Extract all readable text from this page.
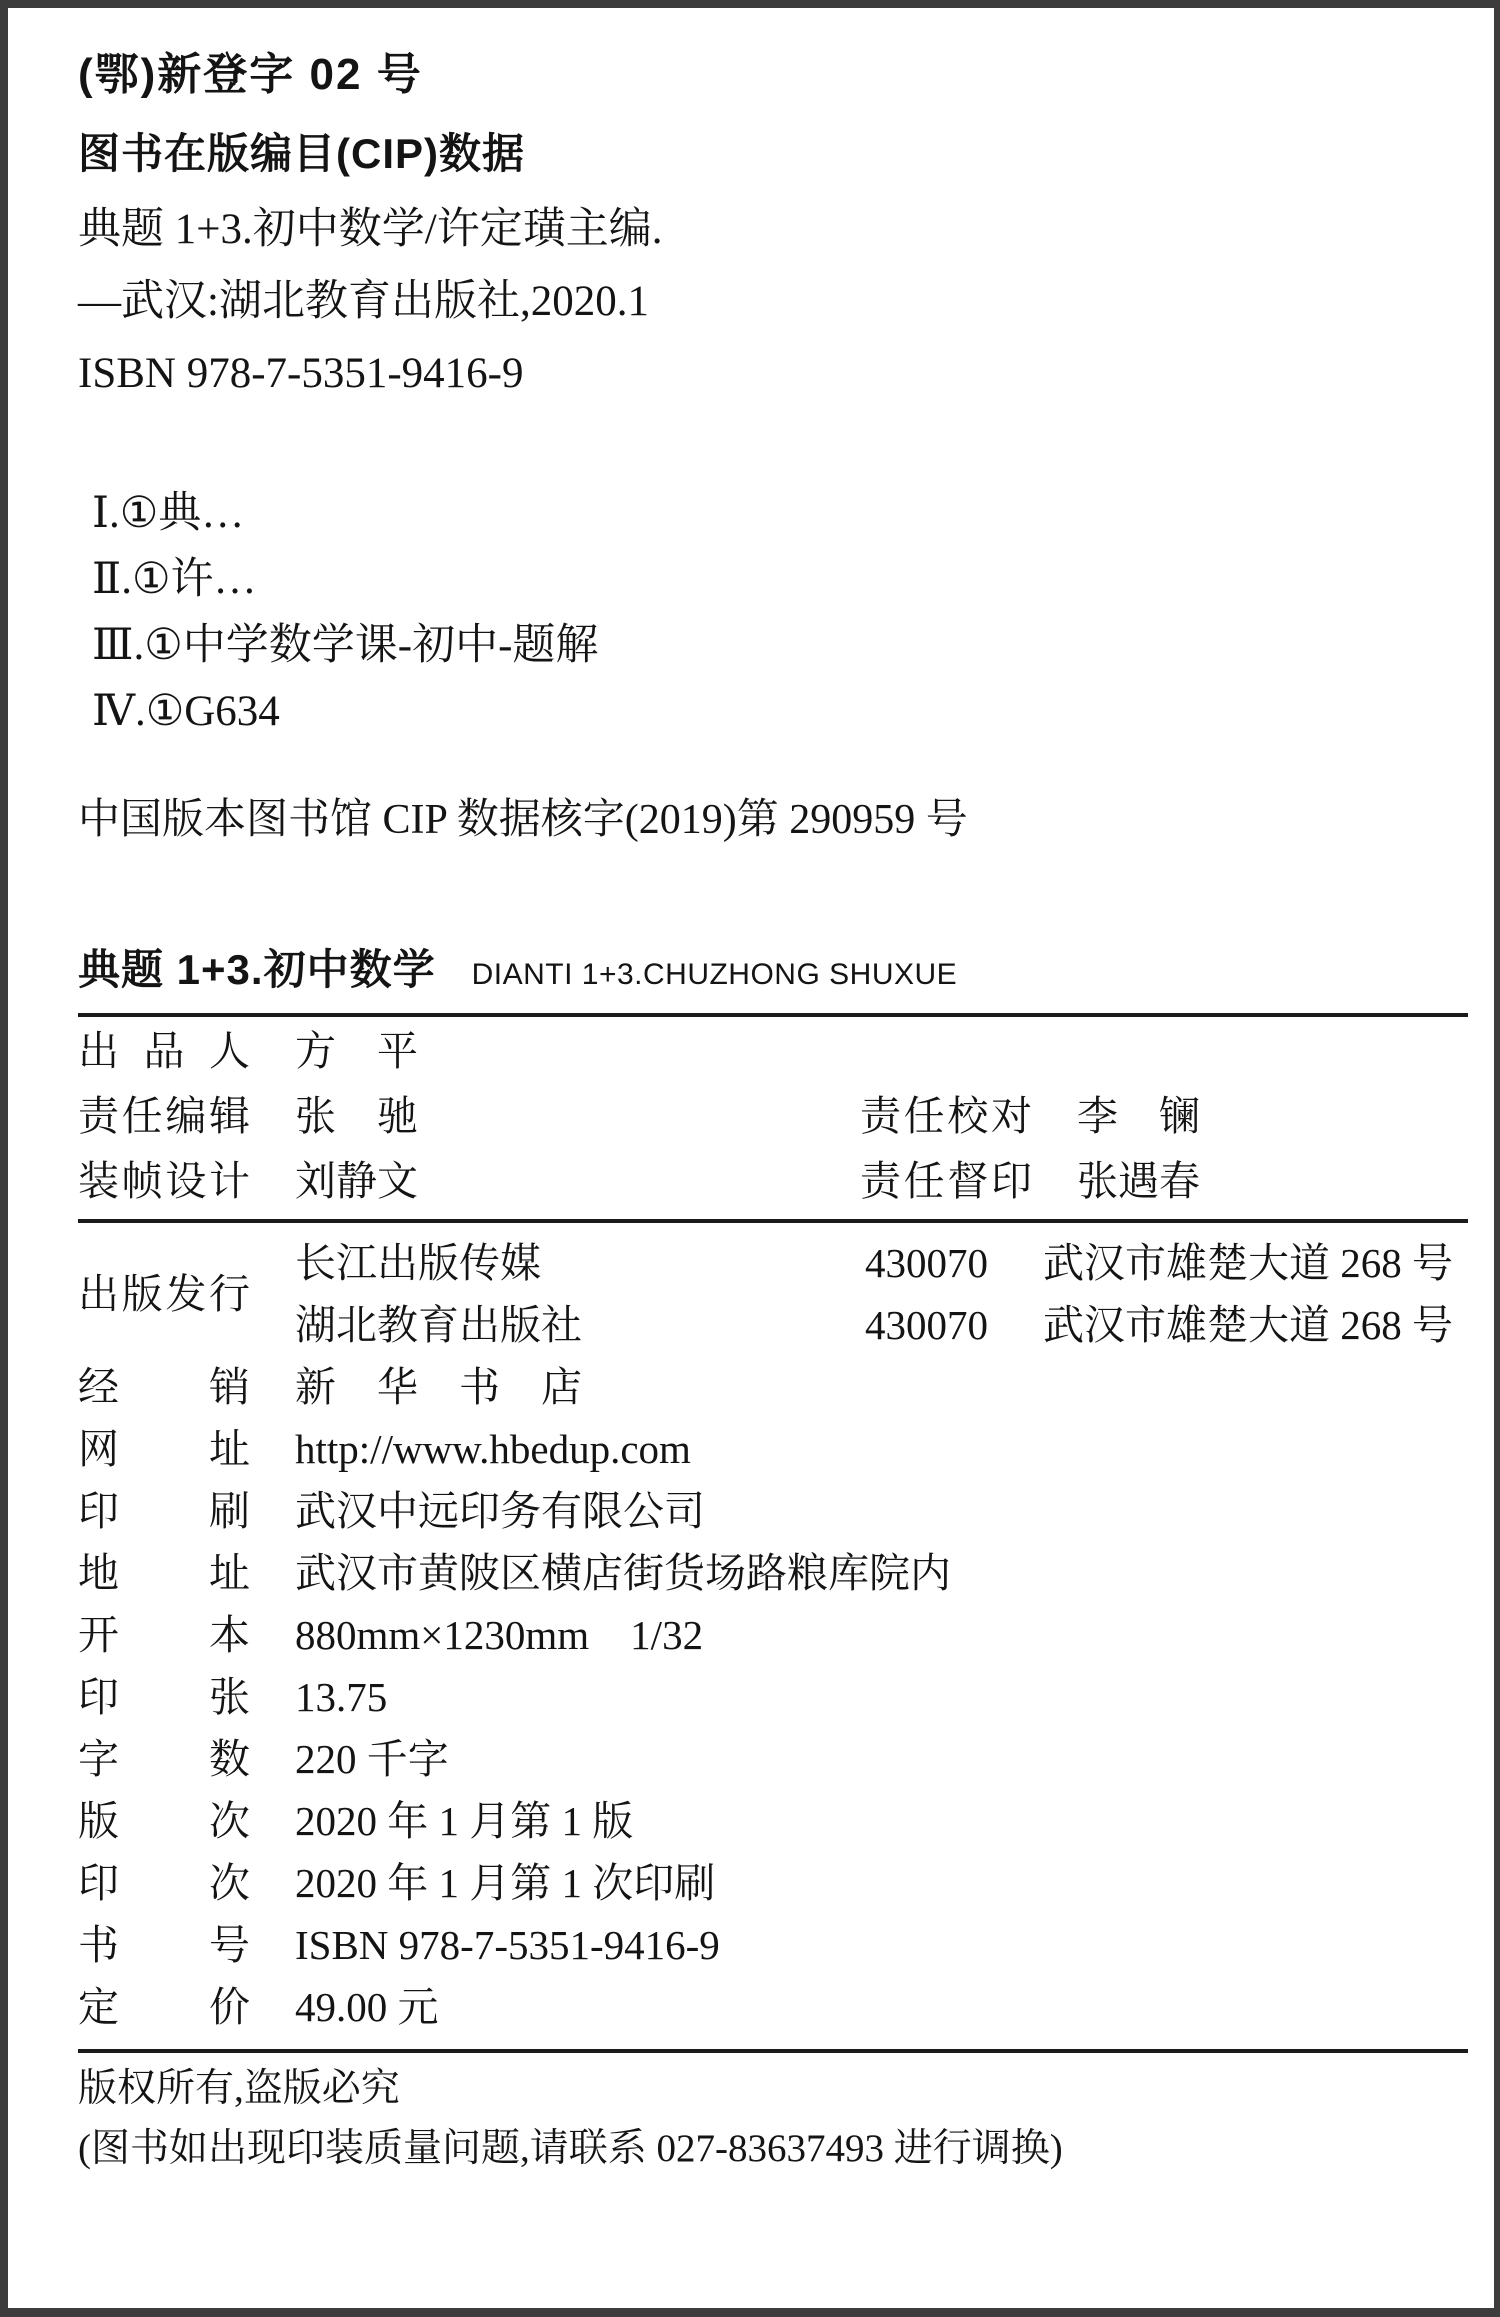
(鄂)新登字 02 号
图书在版编目(CIP)数据
典题 1+3.初中数学/许定璜主编.
—武汉:湖北教育出版社,2020.1
ISBN 978-7-5351-9416-9
Ⅰ.①典…
Ⅱ.①许…
Ⅲ.①中学数学课-初中-题解
Ⅳ.①G634
中国版本图书馆 CIP 数据核字(2019)第 290959 号
典题 1+3.初中数学 DIANTI 1+3.CHUZHONG SHUXUE
出品人 方　平
责任编辑 张　驰	责任校对 李　镧
装帧设计 刘静文	责任督印 张遇春
出版发行
长江出版传媒	430070	武汉市雄楚大道 268 号
湖北教育出版社	430070	武汉市雄楚大道 268 号
经销 新　华　书　店
网址 http://www.hbedup.com
印刷 武汉中远印务有限公司
地址 武汉市黄陂区横店街货场路粮库院内
开本 880mm×1230mm　1/32
印张 13.75
字数 220 千字
版次 2020 年 1 月第 1 版
印次 2020 年 1 月第 1 次印刷
书号 ISBN 978-7-5351-9416-9
定价 49.00 元
版权所有,盗版必究
(图书如出现印装质量问题,请联系 027-83637493 进行调换)
